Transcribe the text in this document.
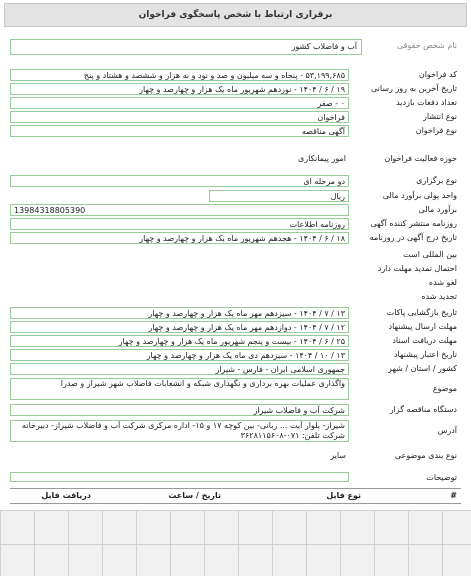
برقراری ارتباط با شخص پاسخگوی فراخوان
آب و فاضلاب کشور	نام شخص حقوقی
کد فراخوان
۵۳,۱۹۹,۶۸۵ - پنجاه و سه میلیون و صد و نود و نه هزار و ششصد و هشتاد و پنج
تاریخ آخرین به روز رسانی
۱۹ / ۶ / ۱۴۰۴ - نوزدهم شهریور ماه یک هزار و چهارصد و چهار
تعداد دفعات بازدید
۰ - صفر
نوع انتشار
فراخوان
نوع فراخوان
آگهی مناقصه
حوزه فعالیت فراخوان
امور پیمانکاری
نوع برگزاری
دو مرحله ای
واحد پولی برآورد مالی
ریال
برآورد مالی
13984318805390
روزنامه منتشر کننده آگهی
روزنامه اطلاعات
تاریخ درج آگهی در روزنامه
۱۸ / ۶ / ۱۴۰۴ - هجدهم شهریور ماه یک هزار و چهارصد و چهار
بین المللی است
احتمال تمدید مهلت دارد
لغو شده
تجدید شده
تاریخ بازگشایی پاکات
۱۳ / ۷ / ۱۴۰۴ - سیزدهم مهر ماه یک هزار و چهارصد و چهار
مهلت ارسال پیشنهاد
۱۲ / ۷ / ۱۴۰۴ - دوازدهم مهر ماه یک هزار و چهارصد و چهار
مهلت دریافت اسناد
۲۵ / ۶ / ۱۴۰۴ - بیست و پنجم شهریور ماه یک هزار و چهارصد و چهار
تاریخ اعتبار پیشنهاد
۱۳ / ۱۰ / ۱۴۰۴ - سیزدهم دی ماه یک هزار و چهارصد و چهار
کشور / استان / شهر
جمهوری اسلامی ایران - فارس - شیراز
موضوع
واگذاری عملیات بهره برداری و نگهداری شبکه و انشعابات فاضلاب شهر شیراز و صدرا
دستگاه مناقصه گزار
شرکت آب و فاضلاب شیراز
آدرس
شیراز- بلوار آیت ... ربانی- بین کوچه ۱۷ و ۱۵- اداره مرکزی شرکت آب و فاضلاب شیراز- دبیرخانه شرکت تلفن: ۰۷۱-۳۶۲۸۱۱۵۶۰۸
نوع بندی موضوعی
سایر
توضیحات
#
نوع فایل
تاریخ / ساعت
دریافت فایل
